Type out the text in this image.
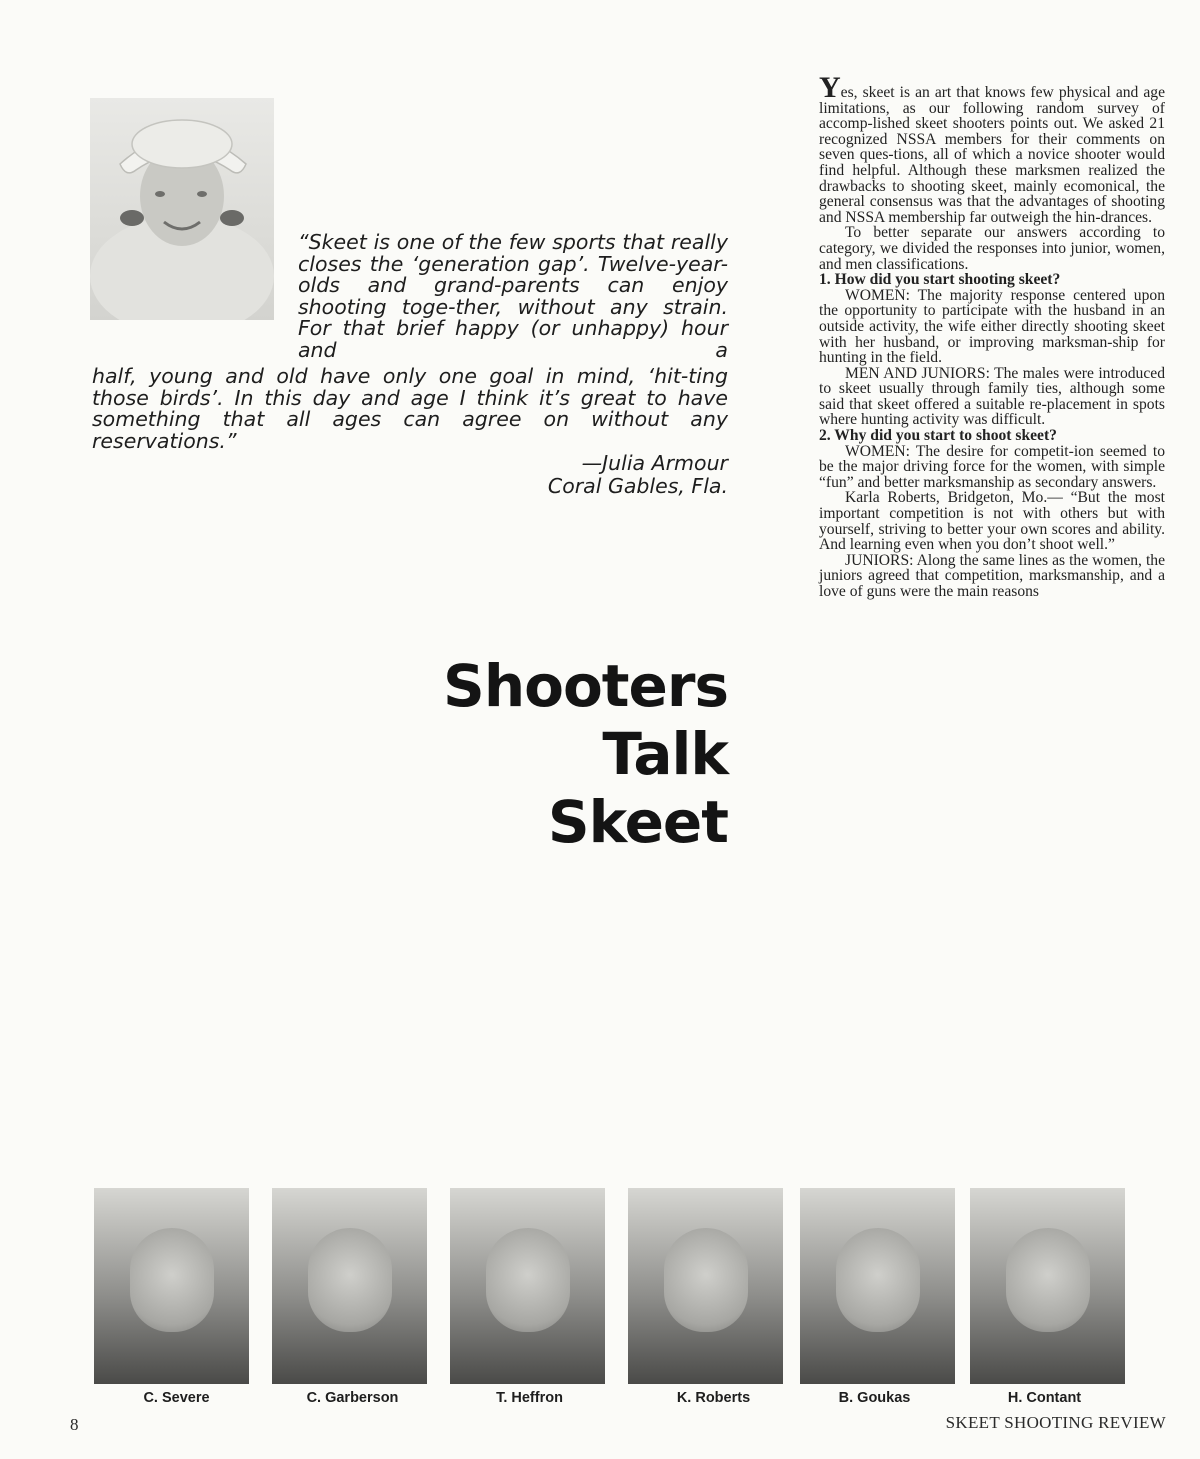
“Skeet is one of the few sports that really closes the ‘generation gap’. Twelve-year-olds and grand-parents can enjoy shooting toge-ther, without any strain. For that brief happy (or unhappy) hour and a
half, young and old have only one goal in mind, ‘hit-ting those birds’. In this day and age I think it’s great to have something that all ages can agree on without any reservations.”
—Julia Armour
Coral Gables, Fla.
Shooters
Talk
Skeet

Yes, skeet is an art that knows few physical and age limitations, as our following random survey of accomp-lished skeet shooters points out. We asked 21 recognized NSSA members for their comments on seven ques-tions, all of which a novice shooter would find helpful. Although these marksmen realized the drawbacks to shooting skeet, mainly ecomonical, the general consensus was that the advantages of shooting and NSSA membership far outweigh the hin-drances.

To better separate our answers according to category, we divided the responses into junior, women, and men classifications.

1. How did you start shooting skeet?

WOMEN: The majority response centered upon the opportunity to participate with the husband in an outside activity, the wife either directly shooting skeet with her husband, or improving marksman-ship for hunting in the field.

MEN AND JUNIORS: The males were introduced to skeet usually through family ties, although some said that skeet offered a suitable re-placement in spots where hunting activity was difficult.

2. Why did you start to shoot skeet?

WOMEN: The desire for competit-ion seemed to be the major driving force for the women, with simple “fun” and better marksmanship as secondary answers.

Karla Roberts, Bridgeton, Mo.— “But the most important competition is not with others but with yourself, striving to better your own scores and ability. And learning even when you don’t shoot well.”

JUNIORS: Along the same lines as the women, the juniors agreed that competition, marksmanship, and a love of guns were the main reasons

C. Severe	C. Garberson	T. Heffron	K. Roberts	B. Goukas	H. Contant
8	SKEET SHOOTING REVIEW
